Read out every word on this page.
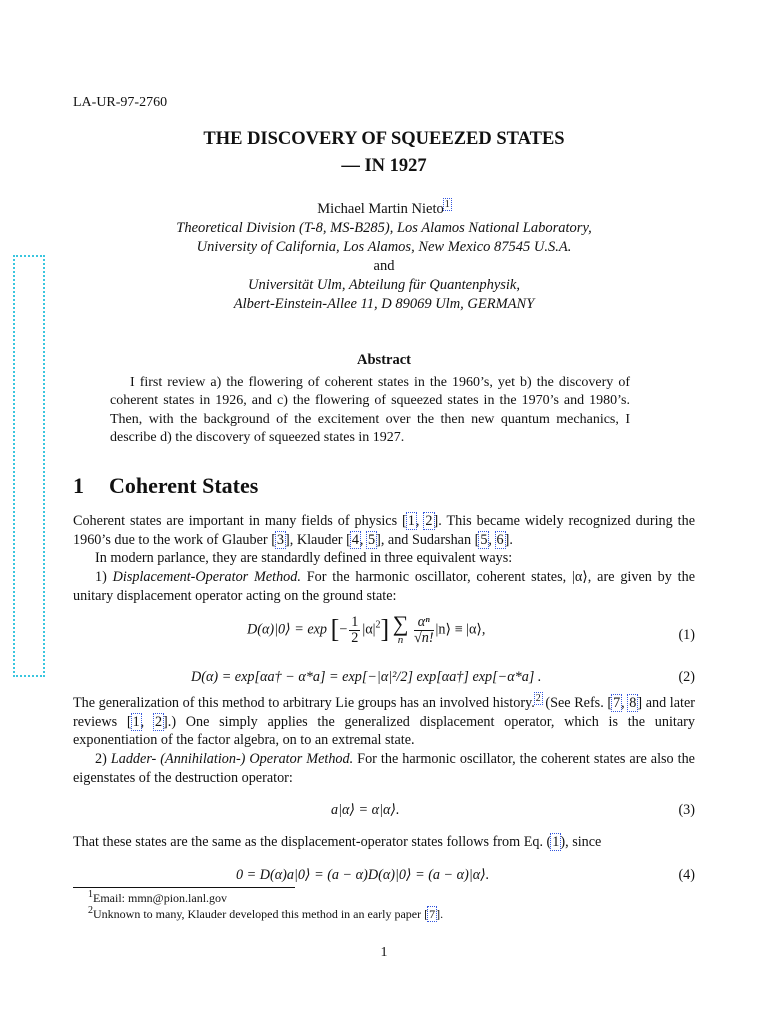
LA-UR-97-2760
THE DISCOVERY OF SQUEEZED STATES
— IN 1927
Michael Martin Nieto$^1$
Theoretical Division (T-8, MS-B285), Los Alamos National Laboratory,
University of California, Los Alamos, New Mexico 87545 U.S.A.
and
Universität Ulm, Abteilung für Quantenphysik,
Albert-Einstein-Allee 11, D 89069 Ulm, GERMANY
Abstract
I first review a) the flowering of coherent states in the 1960’s, yet b) the discovery of coherent states in 1926, and c) the flowering of squeezed states in the 1970’s and 1980’s. Then, with the background of the excitement over the then new quantum mechanics, I describe d) the discovery of squeezed states in 1927.
1 Coherent States
Coherent states are important in many fields of physics [1, 2]. This became widely recognized during the 1960’s due to the work of Glauber [3], Klauder [4, 5], and Sudarshan [5, 6].
In modern parlance, they are standardly defined in three equivalent ways:
1) Displacement-Operator Method. For the harmonic oscillator, coherent states, |α⟩, are given by the unitary displacement operator acting on the ground state:
D(α)|0⟩ = exp [− $\frac{1}{2} |\alpha|^2$] ∑
n
$\frac{\text{αⁿ}}{√n!}$ |n⟩ ≡ |α⟩,	(1)
D(α) = exp[αa† − α*a] = exp[−|α|²/2] exp[αa†] exp[−α*a] .	(2)
The generalization of this method to arbitrary Lie groups has an involved history.$^2$ (See Refs. [7, 8] and later reviews [1, 2].) One simply applies the generalized displacement operator, which is the unitary exponentiation of the factor algebra, on to an extremal state.
2) Ladder- (Annihilation-) Operator Method. For the harmonic oscillator, the coherent states are also the eigenstates of the destruction operator:
a|α⟩ = α|α⟩.	(3)
That these states are the same as the displacement-operator states follows from Eq. (1), since
0 = D(α)a|0⟩ = (a − α)D(α)|0⟩ = (a − α)|α⟩.	(4)
$^1$Email: mmn@pion.lanl.gov
$^2$Unknown to many, Klauder developed this method in an early paper [7].
1
